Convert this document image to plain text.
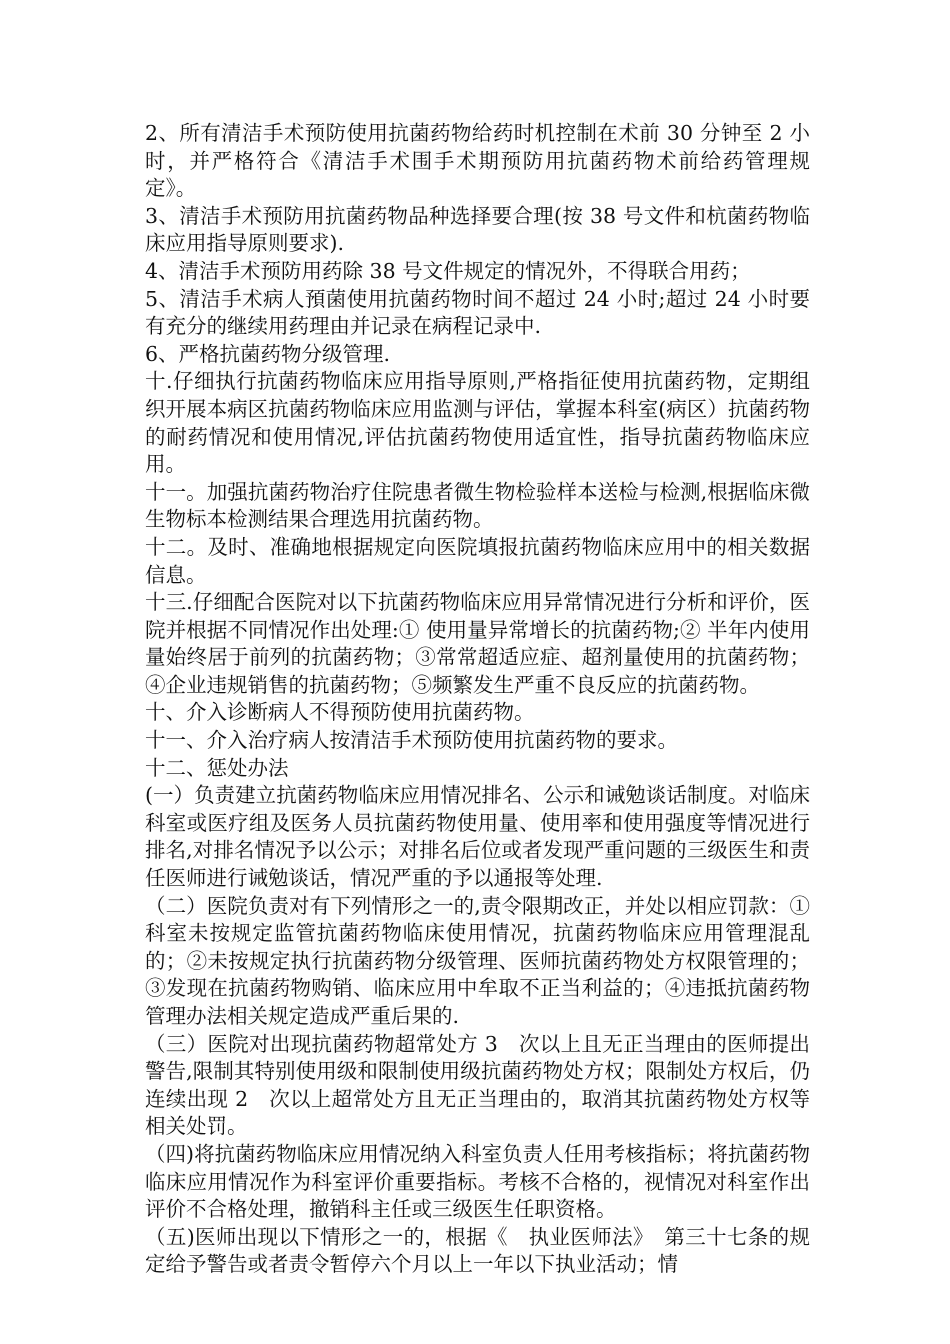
2、所有清洁手术预防使用抗菌药物给药时机控制在术前 30 分钟至 2 小时，并严格符合《清洁手术围手术期预防用抗菌药物术前给药管理规定》。

3、清洁手术预防用抗菌药物品种选择要合理(按 38 号文件和杭菌药物临床应用指导原则要求).

4、清洁手术预防用药除 38 号文件规定的情况外，不得联合用药；

5、清洁手术病人預菌使用抗菌药物时间不超过 24 小时;超过 24 小时要有充分的继续用药理由并记录在病程记录中.

6、严格抗菌药物分级管理.

十.仔细执行抗菌药物临床应用指导原则,严格指征使用抗菌药物，定期组织开展本病区抗菌药物临床应用监测与评估，掌握本科室(病区）抗菌药物的耐药情况和使用情况,评估抗菌药物使用适宜性，指导抗菌药物临床应用。

十一。加强抗菌药物治疗住院患者微生物检验样本送检与检测,根据临床微生物标本检测结果合理选用抗菌药物。

十二。及时、准确地根据规定向医院填报抗菌药物临床应用中的相关数据信息。

十三.仔细配合医院对以下抗菌药物临床应用异常情况进行分析和评价，医院并根据不同情况作出处理:① 使用量异常增长的抗菌药物;② 半年内使用量始终居于前列的抗菌药物；③常常超适应症、超剂量使用的抗菌药物；④企业违规销售的抗菌药物；⑤频繁发生严重不良反应的抗菌药物。

十、介入诊断病人不得预防使用抗菌药物。

十一、介入治疗病人按清洁手术预防使用抗菌药物的要求。

十二、惩处办法

(一）负责建立抗菌药物临床应用情况排名、公示和诫勉谈话制度。对临床科室或医疗组及医务人员抗菌药物使用量、使用率和使用强度等情况进行排名,对排名情况予以公示；对排名后位或者发现严重问题的三级医生和责任医师进行诫勉谈话，情况严重的予以通报等处理.

（二）医院负责对有下列情形之一的,责令限期改正，并处以相应罚款：①科室未按规定监管抗菌药物临床使用情况，抗菌药物临床应用管理混乱的；②未按规定执行抗菌药物分级管理、医师抗菌药物处方权限管理的；③发现在抗菌药物购销、临床应用中牟取不正当利益的；④违抵抗菌药物管理办法相关规定造成严重后果的.

（三）医院对出现抗菌药物超常处方 3　次以上且无正当理由的医师提出警告,限制其特别使用级和限制使用级抗菌药物处方权；限制处方权后，仍连续出现 2　次以上超常处方且无正当理由的，取消其抗菌药物处方权等相关处罚。

（四)将抗菌药物临床应用情况纳入科室负责人任用考核指标；将抗菌药物临床应用情况作为科室评价重要指标。考核不合格的，视情况对科室作出评价不合格处理，撤销科主任或三级医生任职资格。

（五)医师出现以下情形之一的，根据《　执业医师法》　第三十七条的规定给予警告或者责令暂停六个月以上一年以下执业活动；情
